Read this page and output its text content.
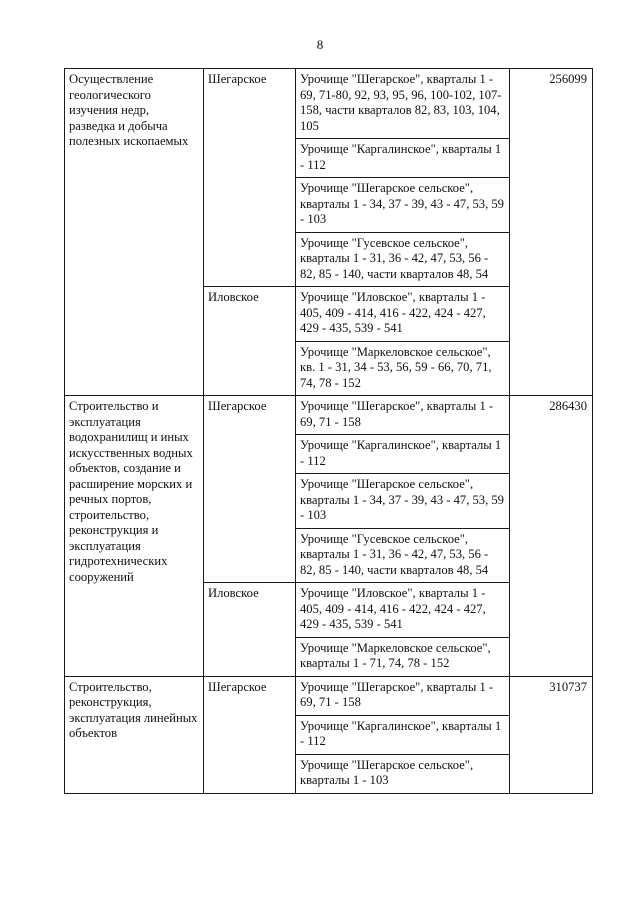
8
Осуществление геологического изучения недр, разведка и добыча полезных ископаемых	Шегарское	Урочище "Шегарское", кварталы 1 - 69, 71-80, 92, 93, 95, 96, 100-102, 107-158, части кварталов 82, 83, 103, 104, 105	256099
		Урочище "Каргалинское", кварталы 1 - 112	
		Урочище "Шегарское сельское", кварталы 1 - 34, 37 - 39, 43 - 47, 53, 59 - 103	
		Урочище "Гусевское сельское", кварталы 1 - 31, 36 - 42, 47, 53, 56 - 82, 85 - 140, части кварталов 48, 54	
	Иловское	Урочище "Иловское", кварталы 1 - 405, 409 - 414, 416 - 422, 424 - 427, 429 - 435, 539 - 541	
		Урочище "Маркеловское сельское", кв. 1 - 31, 34 - 53, 56, 59 - 66, 70, 71, 74, 78 - 152	
Строительство и эксплуатация водохранилищ и иных искусственных водных объектов, создание и расширение морских и речных портов, строительство, реконструкция и эксплуатация гидротехнических сооружений	Шегарское	Урочище "Шегарское", кварталы 1 - 69, 71 - 158	286430
		Урочище "Каргалинское", кварталы 1 - 112	
		Урочище "Шегарское сельское", кварталы 1 - 34, 37 - 39, 43 - 47, 53, 59 - 103	
		Урочище "Гусевское сельское", кварталы 1 - 31, 36 - 42, 47, 53, 56 - 82, 85 - 140, части кварталов 48, 54	
	Иловское	Урочище "Иловское", кварталы 1 - 405, 409 - 414, 416 - 422, 424 - 427, 429 - 435, 539 - 541	
		Урочище "Маркеловское сельское", кварталы 1 - 71, 74, 78 - 152	
Строительство, реконструкция, эксплуатация линейных объектов	Шегарское	Урочище "Шегарское", кварталы 1 - 69, 71 - 158	310737
		Урочище "Каргалинское", кварталы 1 - 112	
		Урочище "Шегарское сельское", кварталы 1 - 103	
